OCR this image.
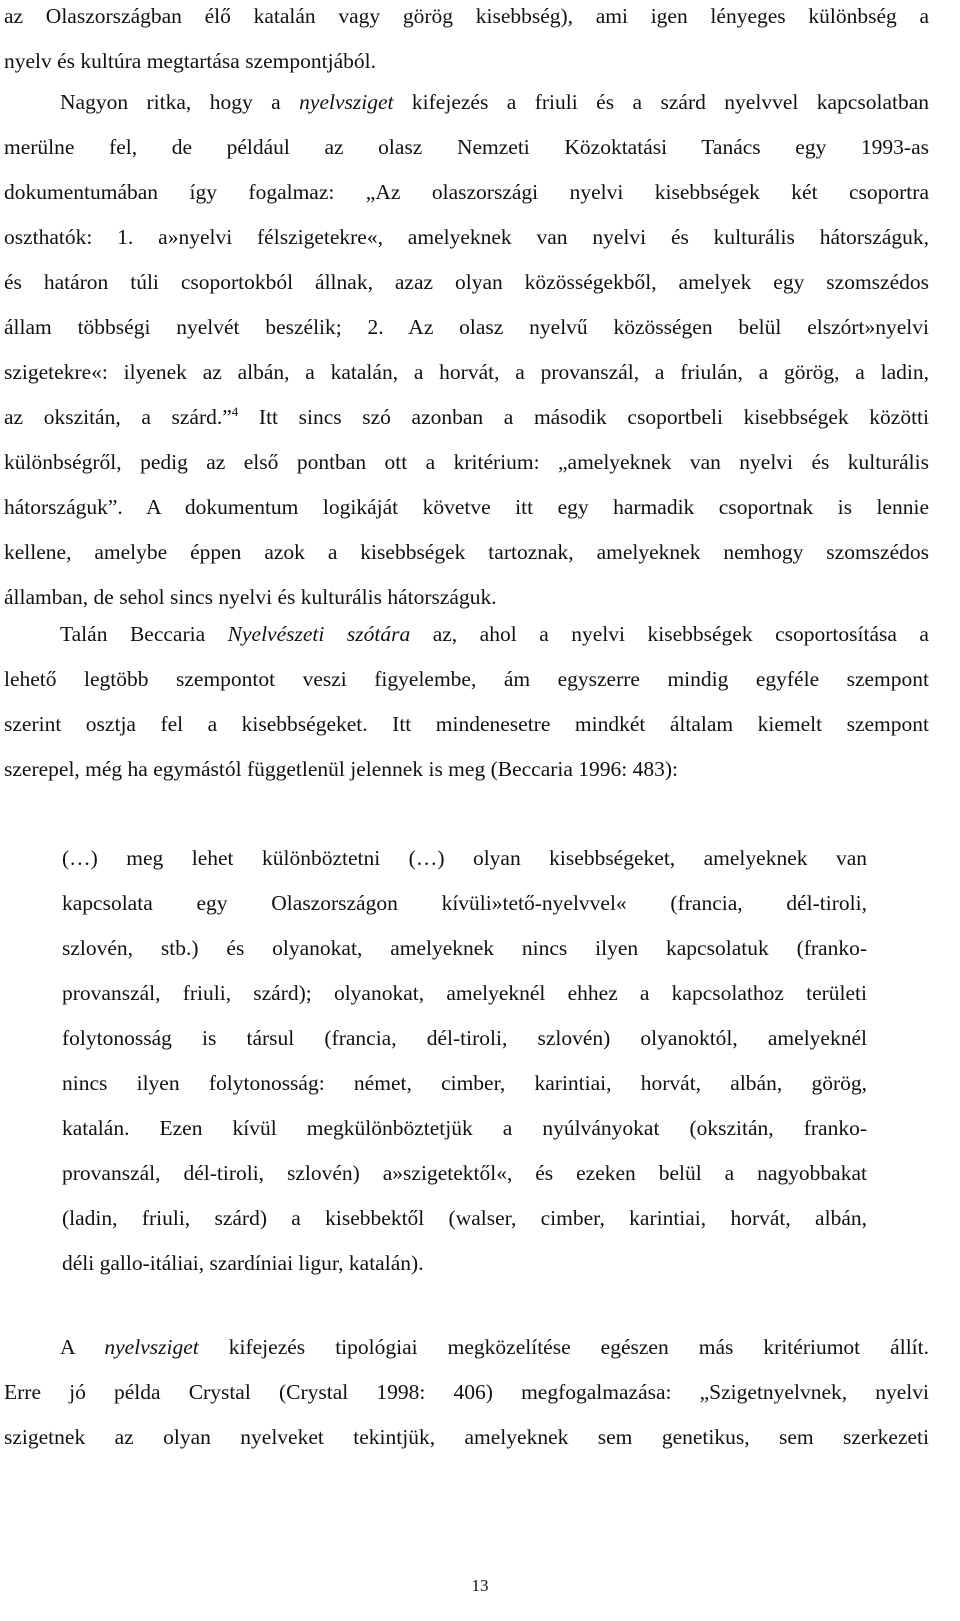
az Olaszországban élő katalán vagy görög kisebbség), ami igen lényeges különbség a
nyelv és kultúra megtartása szempontjából.
Nagyon ritka, hogy a nyelvsziget kifejezés a friuli és a szárd nyelvvel kapcsolatban
merülne fel, de például az olasz Nemzeti Közoktatási Tanács egy 1993-as
dokumentumában így fogalmaz: „Az olaszországi nyelvi kisebbségek két csoportra
oszthatók: 1. a»nyelvi félszigetekre«, amelyeknek van nyelvi és kulturális hátországuk,
és határon túli csoportokból állnak, azaz olyan közösségekből, amelyek egy szomszédos
állam többségi nyelvét beszélik; 2. Az olasz nyelvű közösségen belül elszórt»nyelvi
szigetekre«: ilyenek az albán, a katalán, a horvát, a provanszál, a friulán, a görög, a ladin,
az okszitán, a szárd.”$^4$ Itt sincs szó azonban a második csoportbeli kisebbségek közötti
különbségről, pedig az első pontban ott a kritérium: „amelyeknek van nyelvi és kulturális
hátországuk”. A dokumentum logikáját követve itt egy harmadik csoportnak is lennie
kellene, amelybe éppen azok a kisebbségek tartoznak, amelyeknek nemhogy szomszédos
államban, de sehol sincs nyelvi és kulturális hátországuk.
Talán Beccaria Nyelvészeti szótára az, ahol a nyelvi kisebbségek csoportosítása a
lehető legtöbb szempontot veszi figyelembe, ám egyszerre mindig egyféle szempont
szerint osztja fel a kisebbségeket. Itt mindenesetre mindkét általam kiemelt szempont
szerepel, még ha egymástól függetlenül jelennek is meg (Beccaria 1996: 483):
(…) meg lehet különböztetni (…) olyan kisebbségeket, amelyeknek van
kapcsolata egy Olaszországon kívüli»tető-nyelvvel« (francia, dél-tiroli,
szlovén, stb.) és olyanokat, amelyeknek nincs ilyen kapcsolatuk (franko-
provanszál, friuli, szárd); olyanokat, amelyeknél ehhez a kapcsolathoz területi
folytonosság is társul (francia, dél-tiroli, szlovén) olyanoktól, amelyeknél
nincs ilyen folytonosság: német, cimber, karintiai, horvát, albán, görög,
katalán. Ezen kívül megkülönböztetjük a nyúlványokat (okszitán, franko-
provanszál, dél-tiroli, szlovén) a»szigetektől«, és ezeken belül a nagyobbakat
(ladin, friuli, szárd) a kisebbektől (walser, cimber, karintiai, horvát, albán,
déli gallo-itáliai, szardíniai ligur, katalán).
A nyelvsziget kifejezés tipológiai megközelítése egészen más kritériumot állít.
Erre jó példa Crystal (Crystal 1998: 406) megfogalmazása: „Szigetnyelvnek, nyelvi
szigetnek az olyan nyelveket tekintjük, amelyeknek sem genetikus, sem szerkezeti
13
